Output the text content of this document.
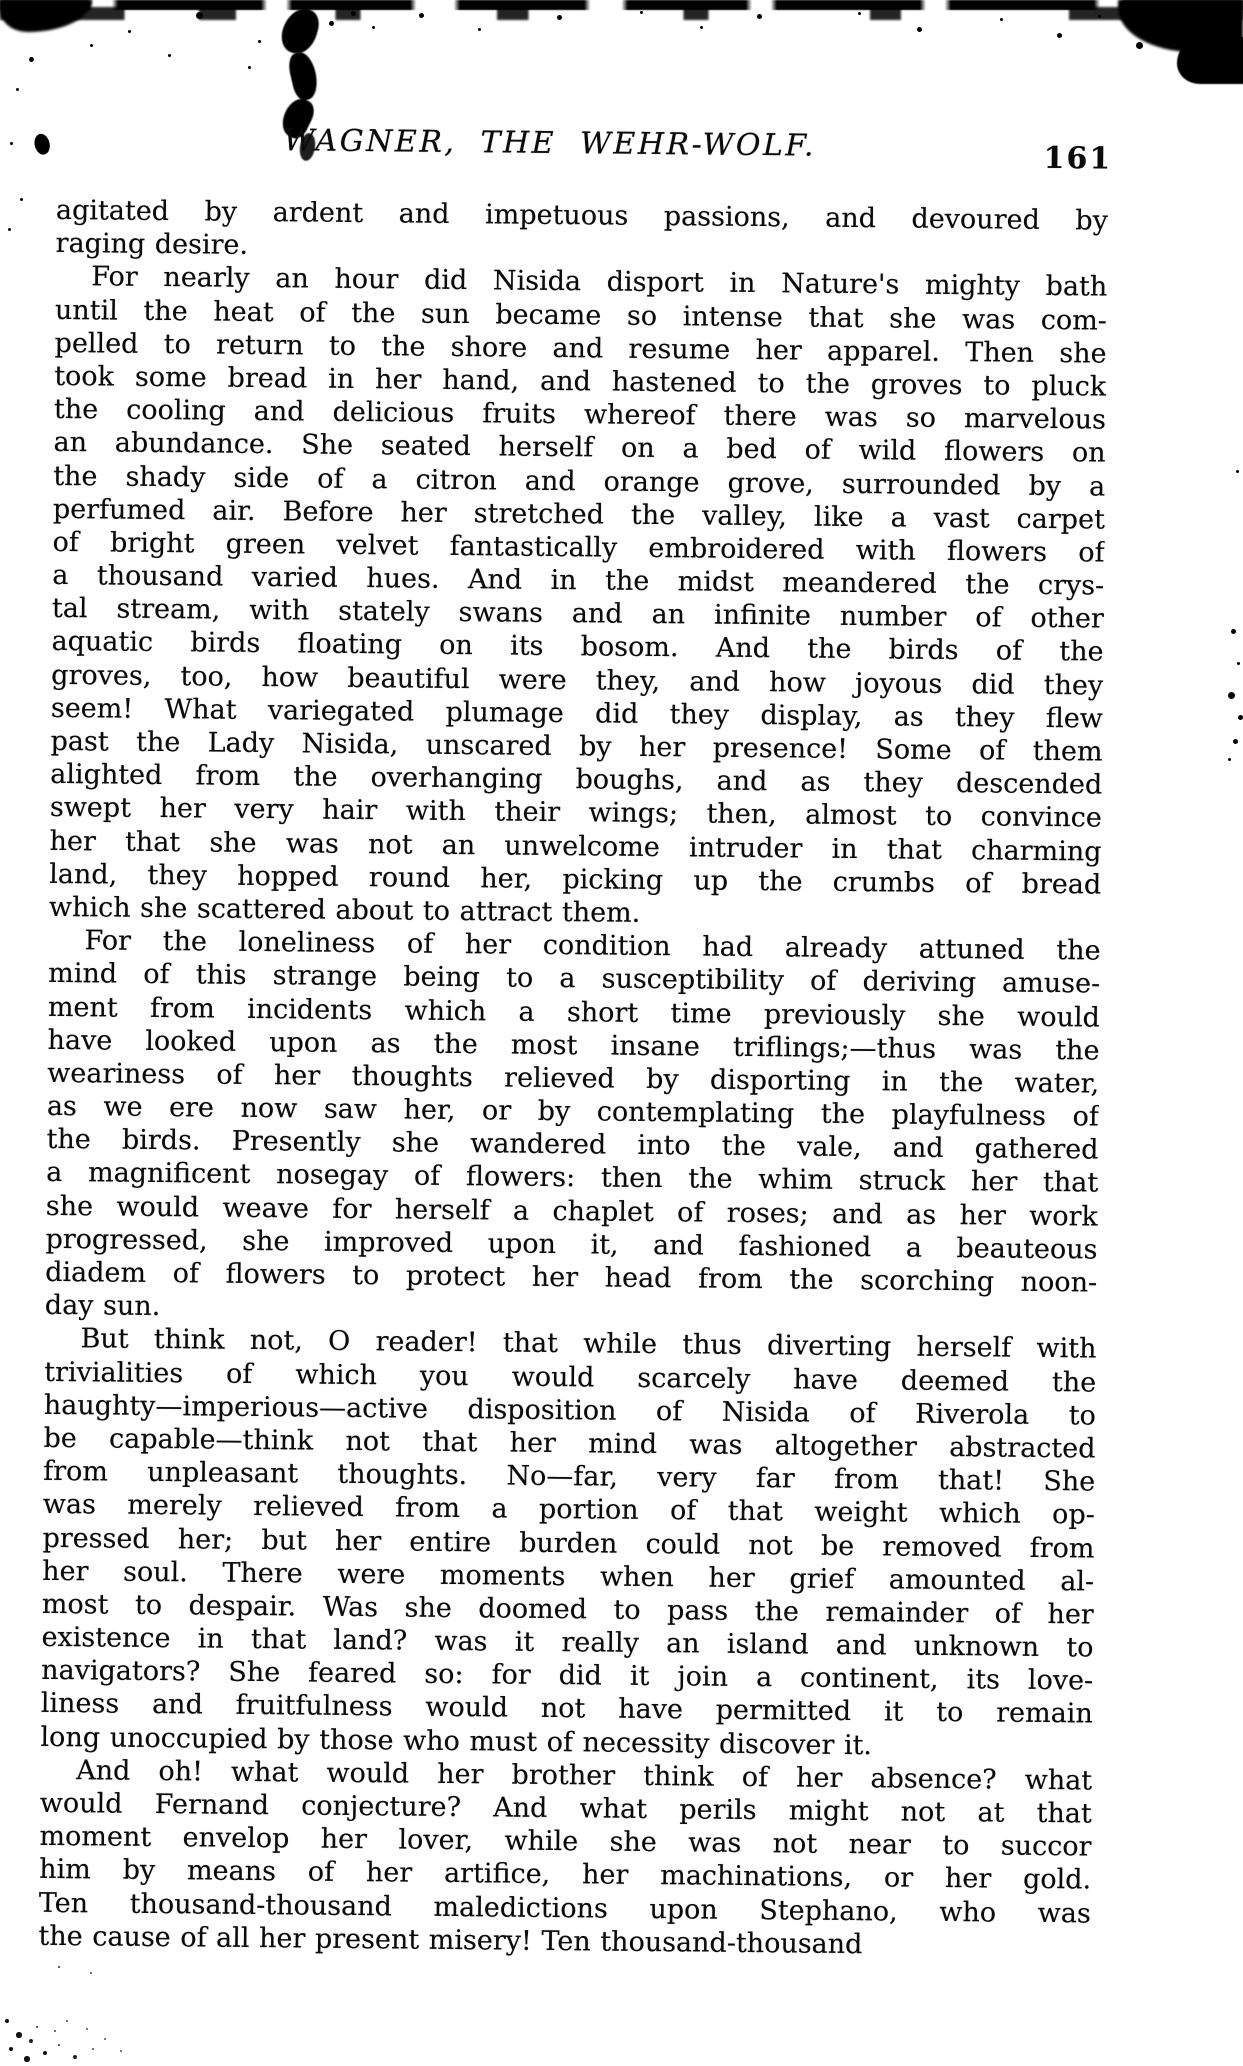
WAGNER, THE WEHR-WOLF.	161
agitated by ardent and impetuous passions, and devoured by
raging desire.
For nearly an hour did Nisida disport in Nature's mighty bath
until the heat of the sun became so intense that she was com-
pelled to return to the shore and resume her apparel. Then she
took some bread in her hand, and hastened to the groves to pluck
the cooling and delicious fruits whereof there was so marvelous
an abundance. She seated herself on a bed of wild flowers on
the shady side of a citron and orange grove, surrounded by a
perfumed air. Before her stretched the valley, like a vast carpet
of bright green velvet fantastically embroidered with flowers of
a thousand varied hues. And in the midst meandered the crys-
tal stream, with stately swans and an infinite number of other
aquatic birds floating on its bosom. And the birds of the
groves, too, how beautiful were they, and how joyous did they
seem! What variegated plumage did they display, as they flew
past the Lady Nisida, unscared by her presence! Some of them
alighted from the overhanging boughs, and as they descended
swept her very hair with their wings; then, almost to convince
her that she was not an unwelcome intruder in that charming
land, they hopped round her, picking up the crumbs of bread
which she scattered about to attract them.
For the loneliness of her condition had already attuned the
mind of this strange being to a susceptibility of deriving amuse-
ment from incidents which a short time previously she would
have looked upon as the most insane triflings;—thus was the
weariness of her thoughts relieved by disporting in the water,
as we ere now saw her, or by contemplating the playfulness of
the birds. Presently she wandered into the vale, and gathered
a magnificent nosegay of flowers: then the whim struck her that
she would weave for herself a chaplet of roses; and as her work
progressed, she improved upon it, and fashioned a beauteous
diadem of flowers to protect her head from the scorching noon-
day sun.
But think not, O reader! that while thus diverting herself with
trivialities of which you would scarcely have deemed the
haughty—imperious—active disposition of Nisida of Riverola to
be capable—think not that her mind was altogether abstracted
from unpleasant thoughts. No—far, very far from that! She
was merely relieved from a portion of that weight which op-
pressed her; but her entire burden could not be removed from
her soul. There were moments when her grief amounted al-
most to despair. Was she doomed to pass the remainder of her
existence in that land? was it really an island and unknown to
navigators? She feared so: for did it join a continent, its love-
liness and fruitfulness would not have permitted it to remain
long unoccupied by those who must of necessity discover it.
And oh! what would her brother think of her absence? what
would Fernand conjecture? And what perils might not at that
moment envelop her lover, while she was not near to succor
him by means of her artifice, her machinations, or her gold.
Ten thousand-thousand maledictions upon Stephano, who was
the cause of all her present misery! Ten thousand-thousand
